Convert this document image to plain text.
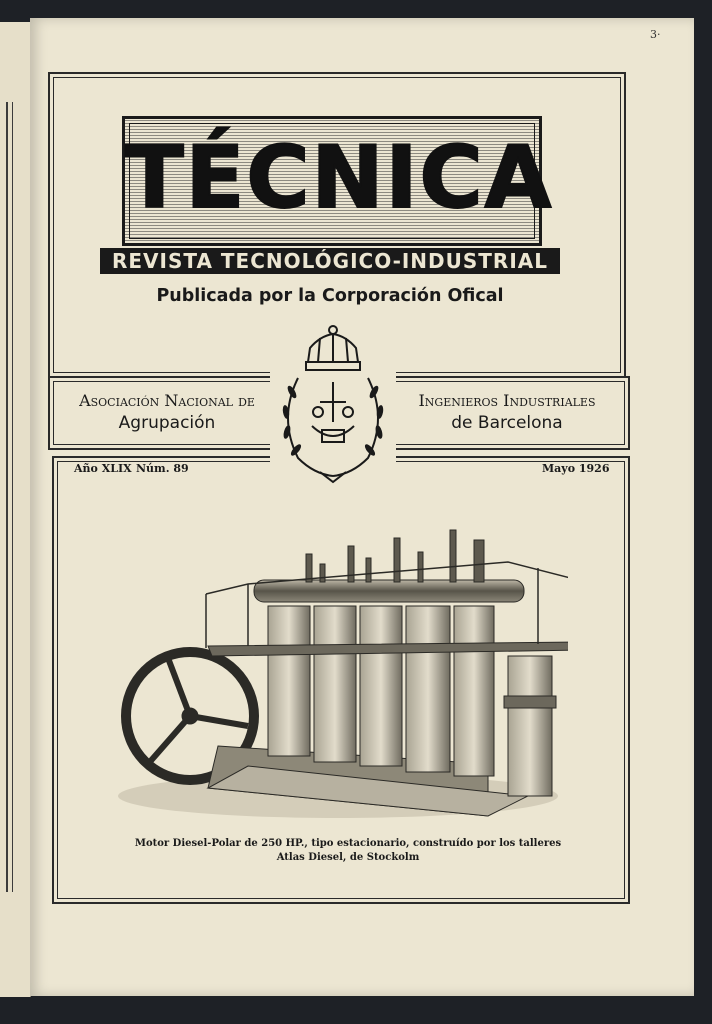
3·
TÉCNICA
REVISTA TECNOLÓGICO-INDUSTRIAL
Publicada por la Corporación Ofical
Asociación Nacional de
Agrupación
Ingenieros Industriales
de Barcelona
Año XLIX Núm. 89	Mayo 1926
Motor Diesel-Polar de 250 HP., tipo estacionario, construído por los talleres
Atlas Diesel, de Stockolm
